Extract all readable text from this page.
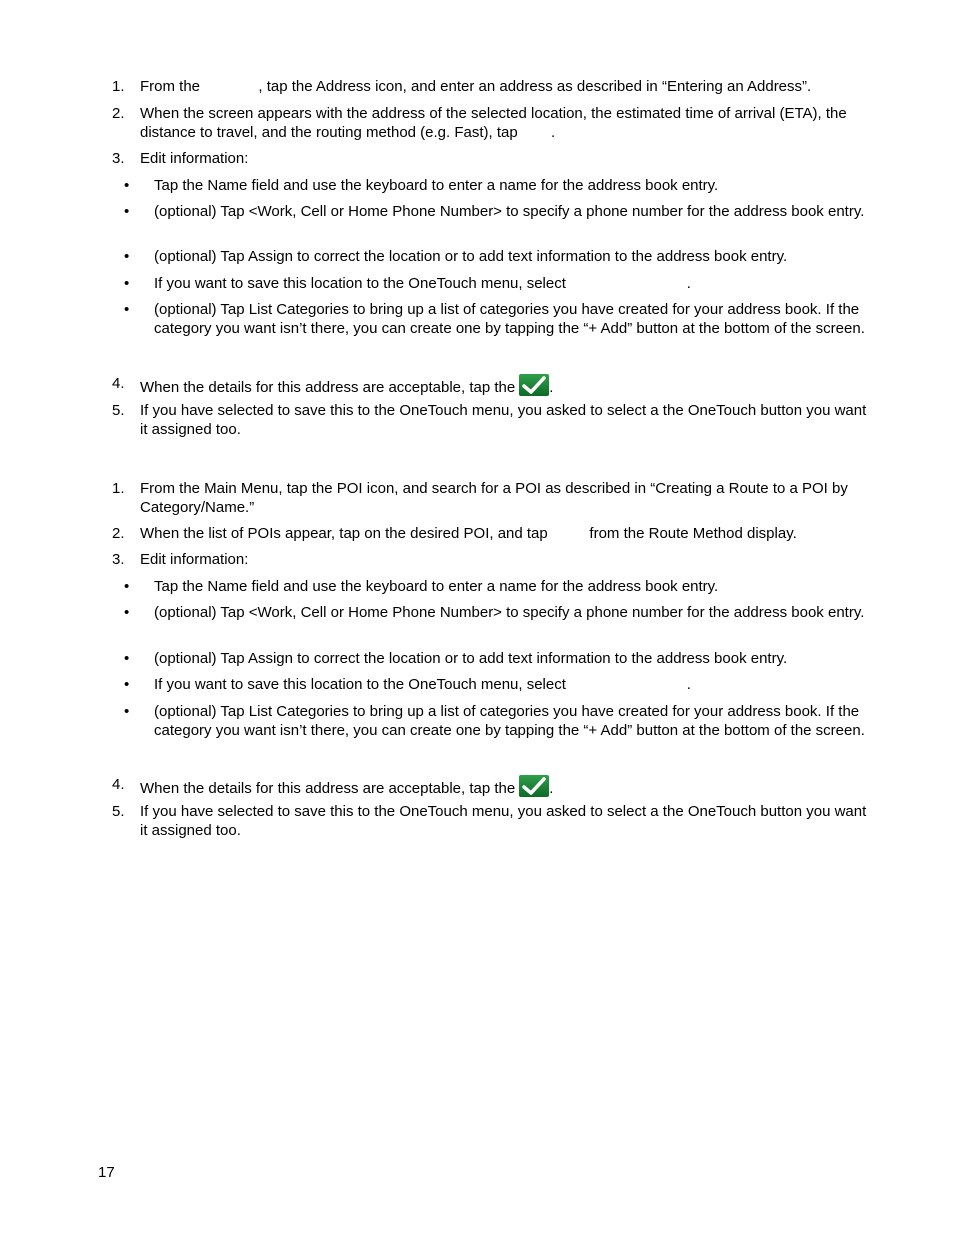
1. From the              , tap the Address icon, and enter an address as described in “Entering an Address”.
2. When the screen appears with the address of the selected location, the estimated time of arrival (ETA), the distance to travel, and the routing method (e.g. Fast), tap        .
3. Edit information:
• Tap the Name field and use the keyboard to enter a name for the address book entry.
• (optional) Tap <Work, Cell or Home Phone Number> to specify a phone number for the address book entry.
• (optional) Tap Assign to correct the location or to add text information to the address book entry.
• If you want to save this location to the OneTouch menu, select                             .
• (optional) Tap List Categories to bring up a list of categories you have created for your address book. If the category you want isn’t there, you can create one by tapping the “+ Add” button at the bottom of the screen.
4. When the details for this address are acceptable, tap the .
5. If you have selected to save this to the OneTouch menu, you asked to select a the OneTouch button you want it assigned too.
1. From the Main Menu, tap the POI icon, and search for a POI as described in “Creating a Route to a POI by Category/Name.”
2. When the list of POIs appear, tap on the desired POI, and tap          from the Route Method display.
3. Edit information:
• Tap the Name field and use the keyboard to enter a name for the address book entry.
• (optional) Tap <Work, Cell or Home Phone Number> to specify a phone number for the address book entry.
• (optional) Tap Assign to correct the location or to add text information to the address book entry.
• If you want to save this location to the OneTouch menu, select                             .
• (optional) Tap List Categories to bring up a list of categories you have created for your address book. If the category you want isn’t there, you can create one by tapping the “+ Add” button at the bottom of the screen.
4. When the details for this address are acceptable, tap the .
5. If you have selected to save this to the OneTouch menu, you asked to select a the OneTouch button you want it assigned too.
17
